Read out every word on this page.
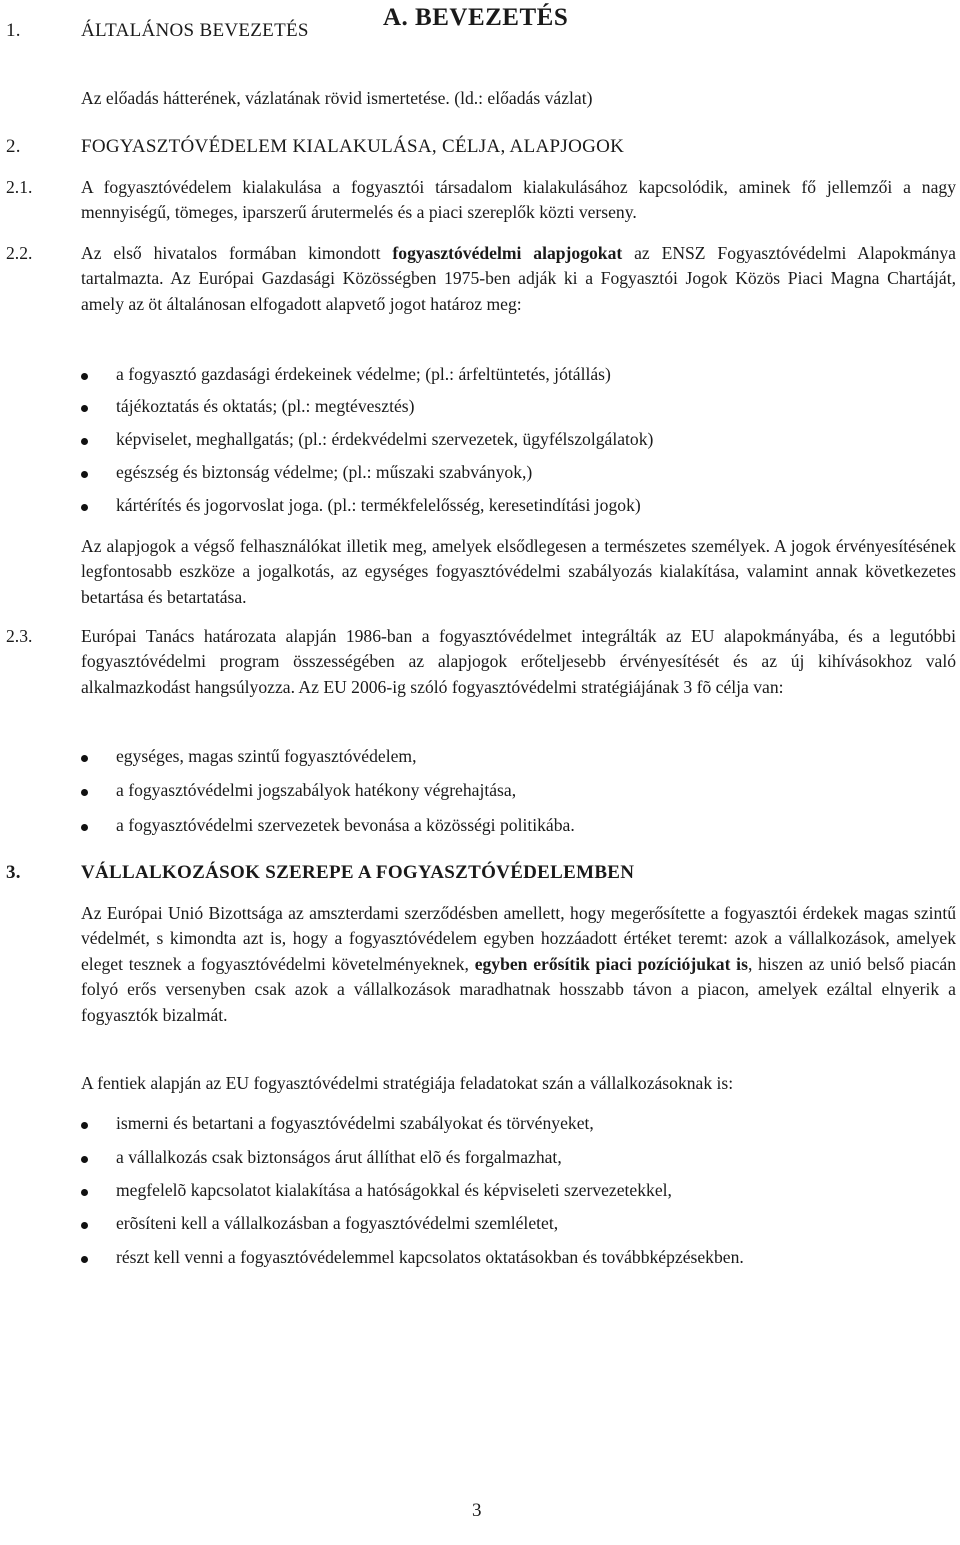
A. BEVEZETÉS
1.	ÁLTALÁNOS BEVEZETÉS
Az előadás hátterének, vázlatának rövid ismertetése. (ld.: előadás vázlat)
2.	FOGYASZTÓVÉDELEM KIALAKULÁSA, CÉLJA, ALAPJOGOK
2.1.	A fogyasztóvédelem kialakulása a fogyasztói társadalom kialakulásához kapcsolódik, aminek fő jellemzői a nagy mennyiségű, tömeges, iparszerű árutermelés és a piaci szereplők közti verseny.
2.2.	Az első hivatalos formában kimondott fogyasztóvédelmi alapjogokat az ENSZ Fogyasztóvédelmi Alapokmánya tartalmazta. Az Európai Gazdasági Közösségben 1975-ben adják ki a Fogyasztói Jogok Közös Piaci Magna Chartáját, amely az öt általánosan elfogadott alapvető jogot határoz meg:
a fogyasztó gazdasági érdekeinek védelme; (pl.: árfeltüntetés, jótállás)
tájékoztatás és oktatás; (pl.: megtévesztés)
képviselet, meghallgatás; (pl.: érdekvédelmi szervezetek, ügyfélszolgálatok)
egészség és biztonság védelme; (pl.: műszaki szabványok,)
kártérítés és jogorvoslat joga. (pl.: termékfelelősség, keresetindítási jogok)
Az alapjogok a végső felhasználókat illetik meg, amelyek elsődlegesen a természetes személyek. A jogok érvényesítésének legfontosabb eszköze a jogalkotás, az egységes fogyasztóvédelmi szabályozás kialakítása, valamint annak következetes betartása és betartatása.
2.3.	Európai Tanács határozata alapján 1986-ban a fogyasztóvédelmet integrálták az EU alapokmányába, és a legutóbbi fogyasztóvédelmi program összességében az alapjogok erőteljesebb érvényesítését és az új kihívásokhoz való alkalmazkodást hangsúlyozza. Az EU 2006-ig szóló fogyasztóvédelmi stratégiájának 3 fõ célja van:
egységes, magas szintű fogyasztóvédelem,
a fogyasztóvédelmi jogszabályok hatékony végrehajtása,
a fogyasztóvédelmi szervezetek bevonása a közösségi politikába.
3.	VÁLLALKOZÁSOK SZEREPE A FOGYASZTÓVÉDELEMBEN
Az Európai Unió Bizottsága az amszterdami szerződésben amellett, hogy megerősítette a fogyasztói érdekek magas szintű védelmét, s kimondta azt is, hogy a fogyasztóvédelem egyben hozzáadott értéket teremt: azok a vállalkozások, amelyek eleget tesznek a fogyasztóvédelmi követelményeknek, egyben erősítik piaci pozíciójukat is, hiszen az unió belső piacán folyó erős versenyben csak azok a vállalkozások maradhatnak hosszabb távon a piacon, amelyek ezáltal elnyerik a fogyasztók bizalmát.
A fentiek alapján az EU fogyasztóvédelmi stratégiája feladatokat szán a vállalkozásoknak is:
ismerni és betartani a fogyasztóvédelmi szabályokat és törvényeket,
a vállalkozás csak biztonságos árut állíthat elõ és forgalmazhat,
megfelelõ kapcsolatot kialakítása a hatóságokkal és képviseleti szervezetekkel,
erõsíteni kell a vállalkozásban a fogyasztóvédelmi szemléletet,
részt kell venni a fogyasztóvédelemmel kapcsolatos oktatásokban és továbbképzésekben.
3
